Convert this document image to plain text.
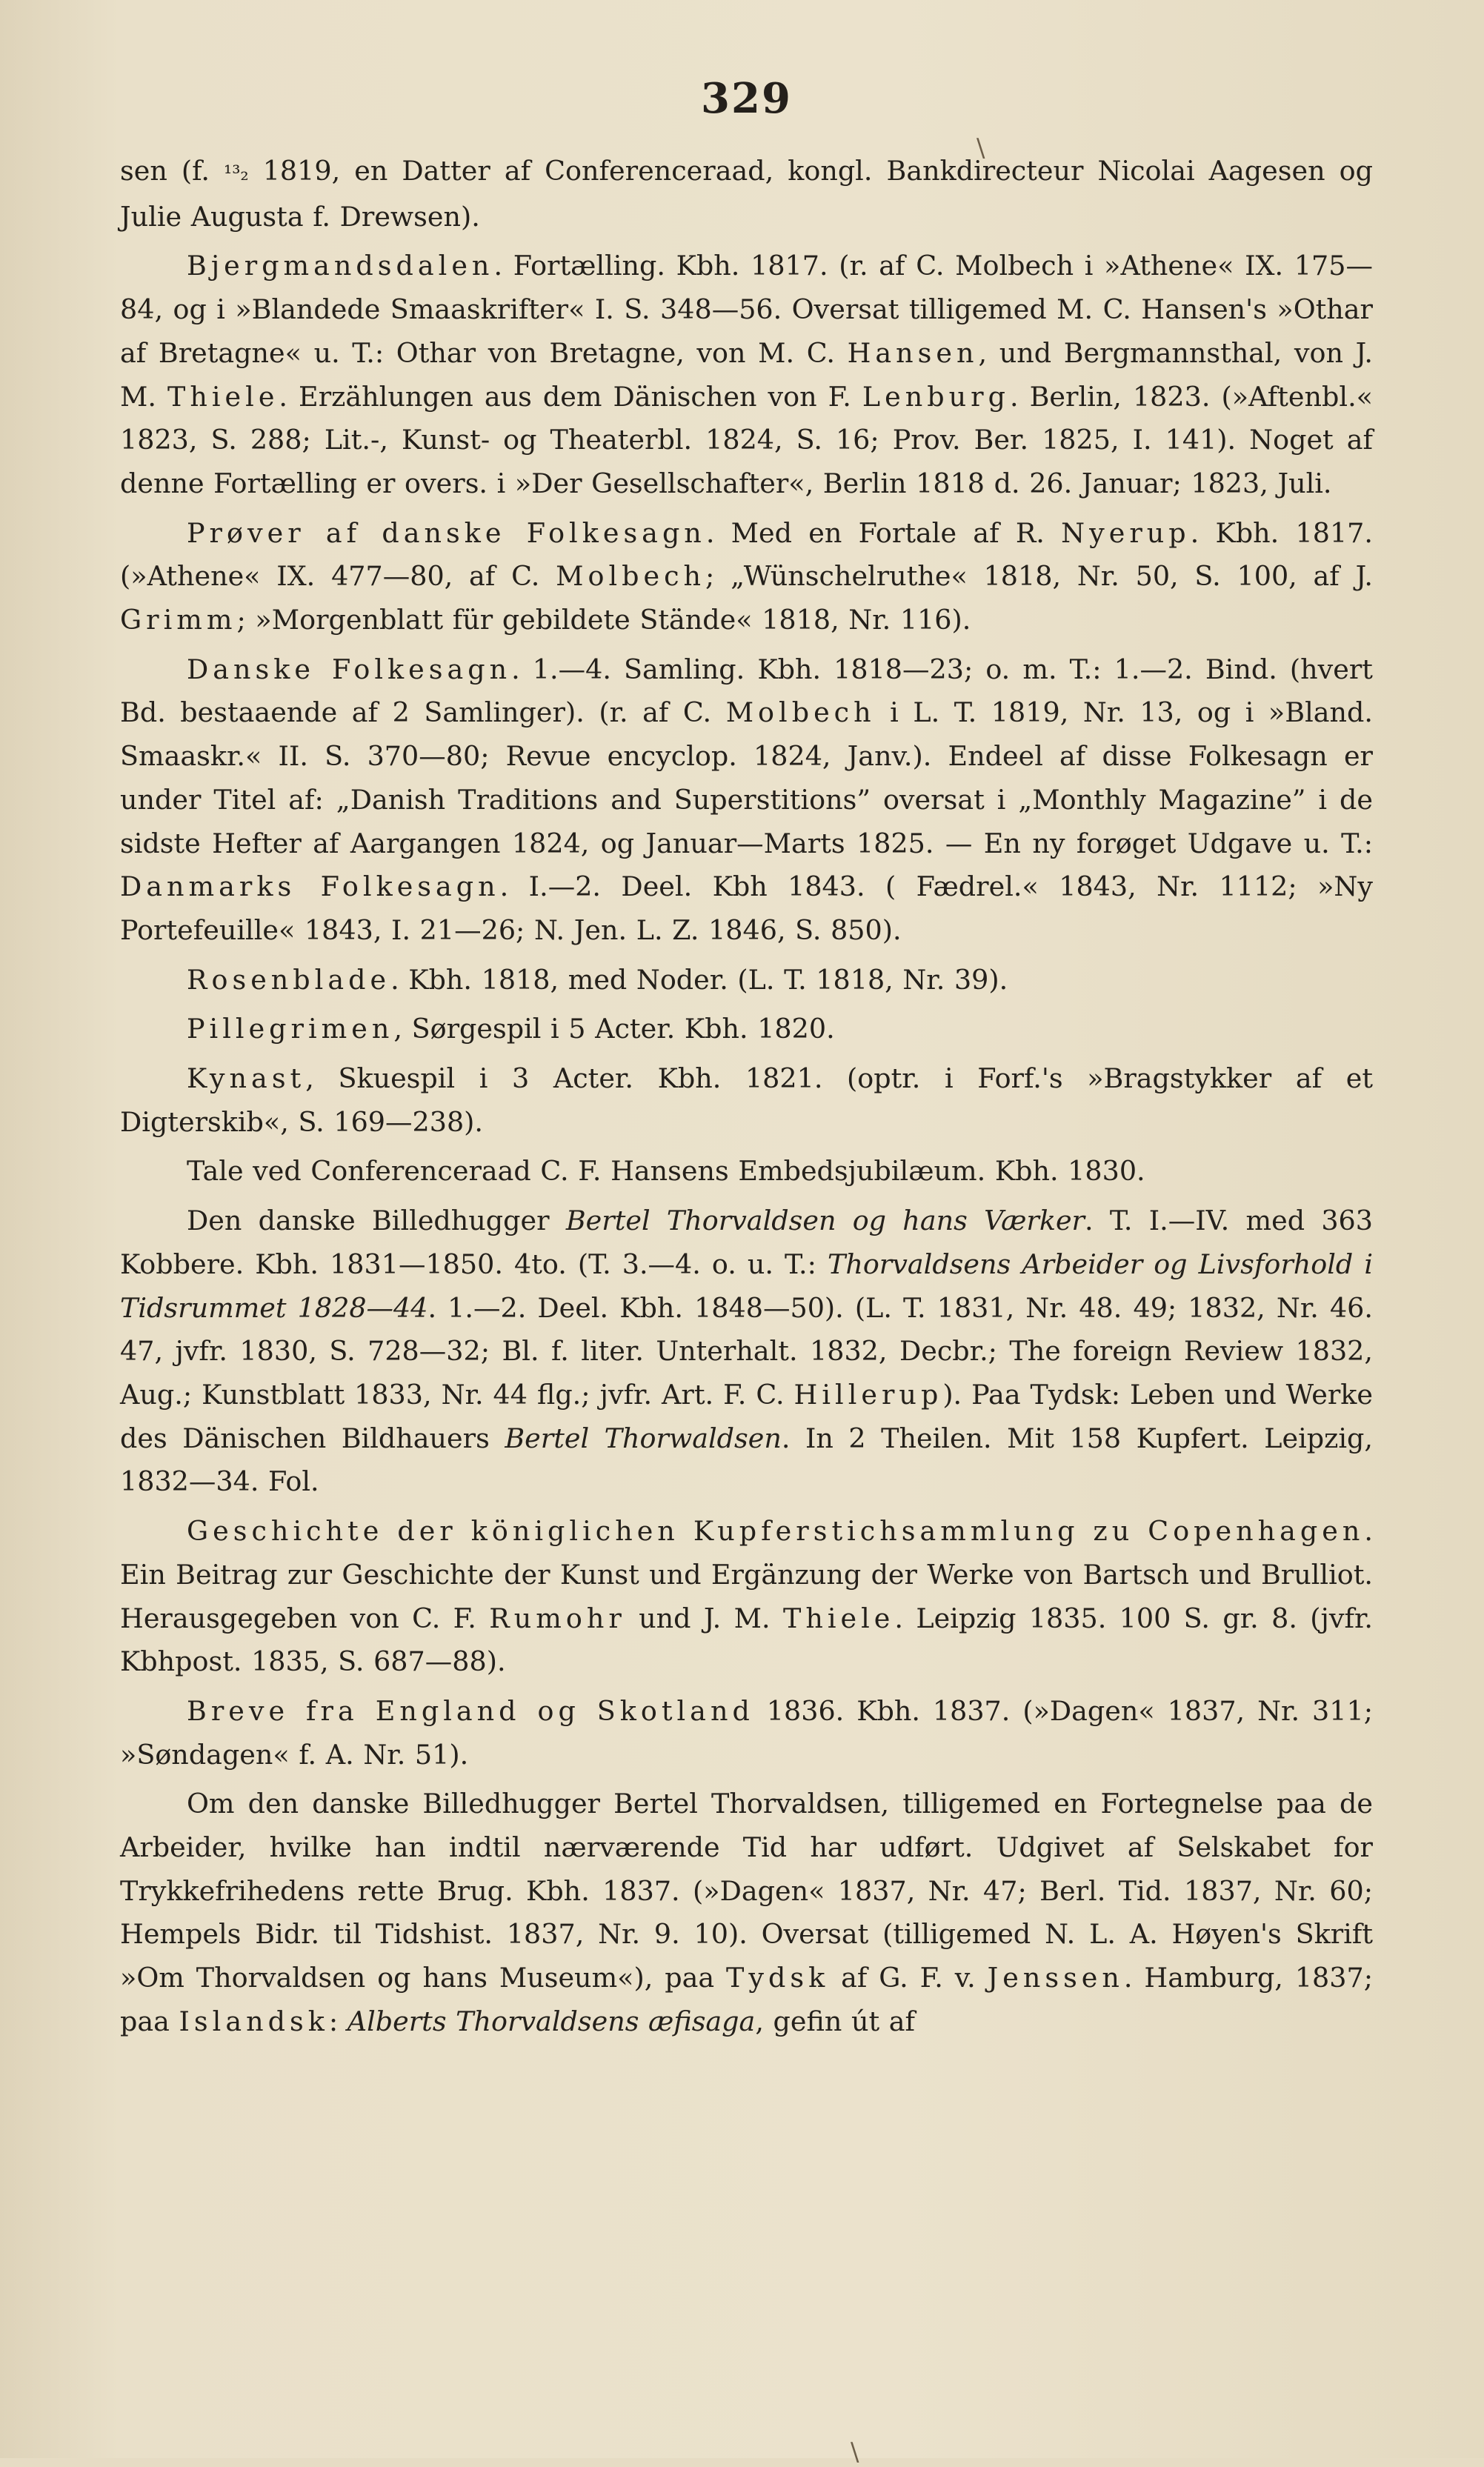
329

sen (f. ¹³₂ 1819, en Datter af Conferenceraad, kongl. Bankdirecteur Nicolai Aagesen og Julie Augusta f. Drewsen).

Bjergmandsdalen. Fortælling. Kbh. 1817. (r. af C. Molbech i »Athene« IX. 175—84, og i »Blandede Smaaskrifter« I. S. 348—56. Oversat tilligemed M. C. Hansen's »Othar af Bretagne« u. T.: Othar von Bretagne, von M. C. Hansen, und Bergmannsthal, von J. M. Thiele. Erzählungen aus dem Dänischen von F. Lenburg. Berlin, 1823. (»Aftenbl.« 1823, S. 288; Lit.-, Kunst- og Theaterbl. 1824, S. 16; Prov. Ber. 1825, I. 141). Noget af denne Fortælling er overs. i »Der Gesellschafter«, Berlin 1818 d. 26. Januar; 1823, Juli.

Prøver af danske Folkesagn. Med en Fortale af R. Nyerup. Kbh. 1817. (»Athene« IX. 477—80, af C. Molbech; „Wünschelruthe« 1818, Nr. 50, S. 100, af J. Grimm; »Morgenblatt für gebildete Stände« 1818, Nr. 116).

Danske Folkesagn. 1.—4. Samling. Kbh. 1818—23; o. m. T.: 1.—2. Bind. (hvert Bd. bestaaende af 2 Samlinger). (r. af C. Molbech i L. T. 1819, Nr. 13, og i »Bland. Smaaskr.« II. S. 370—80; Revue encyclop. 1824, Janv.). Endeel af disse Folkesagn er under Titel af: „Danish Traditions and Superstitions” oversat i „Monthly Magazine” i de sidste Hefter af Aargangen 1824, og Januar—Marts 1825. — En ny forøget Udgave u. T.: Danmarks Folkesagn. I.—2. Deel. Kbh 1843. ( Fædrel.« 1843, Nr. 1112; »Ny Portefeuille« 1843, I. 21—26; N. Jen. L. Z. 1846, S. 850).

Rosenblade. Kbh. 1818, med Noder. (L. T. 1818, Nr. 39).

Pillegrimen, Sørgespil i 5 Acter. Kbh. 1820.

Kynast, Skuespil i 3 Acter. Kbh. 1821. (optr. i Forf.'s »Bragstykker af et Digterskib«, S. 169—238).

Tale ved Conferenceraad C. F. Hansens Embedsjubilæum. Kbh. 1830.

Den danske Billedhugger Bertel Thorvaldsen og hans Værker. T. I.—IV. med 363 Kobbere. Kbh. 1831—1850. 4to. (T. 3.—4. o. u. T.: Thorvaldsens Arbeider og Livsforhold i Tidsrummet 1828—44. 1.—2. Deel. Kbh. 1848—50). (L. T. 1831, Nr. 48. 49; 1832, Nr. 46. 47, jvfr. 1830, S. 728—32; Bl. f. liter. Unterhalt. 1832, Decbr.; The foreign Review 1832, Aug.; Kunstblatt 1833, Nr. 44 flg.; jvfr. Art. F. C. Hillerup). Paa Tydsk: Leben und Werke des Dänischen Bildhauers Bertel Thorwaldsen. In 2 Theilen. Mit 158 Kupfert. Leipzig, 1832—34. Fol.

Geschichte der königlichen Kupferstichsammlung zu Copenhagen. Ein Beitrag zur Geschichte der Kunst und Ergänzung der Werke von Bartsch und Brulliot. Herausgegeben von C. F. Rumohr und J. M. Thiele. Leipzig 1835. 100 S. gr. 8. (jvfr. Kbhpost. 1835, S. 687—88).

Breve fra England og Skotland 1836. Kbh. 1837. (»Dagen« 1837, Nr. 311; »Søndagen« f. A. Nr. 51).

Om den danske Billedhugger Bertel Thorvaldsen, tilligemed en Fortegnelse paa de Arbeider, hvilke han indtil nærværende Tid har udført. Udgivet af Selskabet for Trykkefrihedens rette Brug. Kbh. 1837. (»Dagen« 1837, Nr. 47; Berl. Tid. 1837, Nr. 60; Hempels Bidr. til Tidshist. 1837, Nr. 9. 10). Oversat (tilligemed N. L. A. Høyen's Skrift »Om Thorvaldsen og hans Museum«), paa Tydsk af G. F. v. Jenssen. Hamburg, 1837; paa Islandsk: Alberts Thorvaldsens æfisaga, gefin út af

\
\
